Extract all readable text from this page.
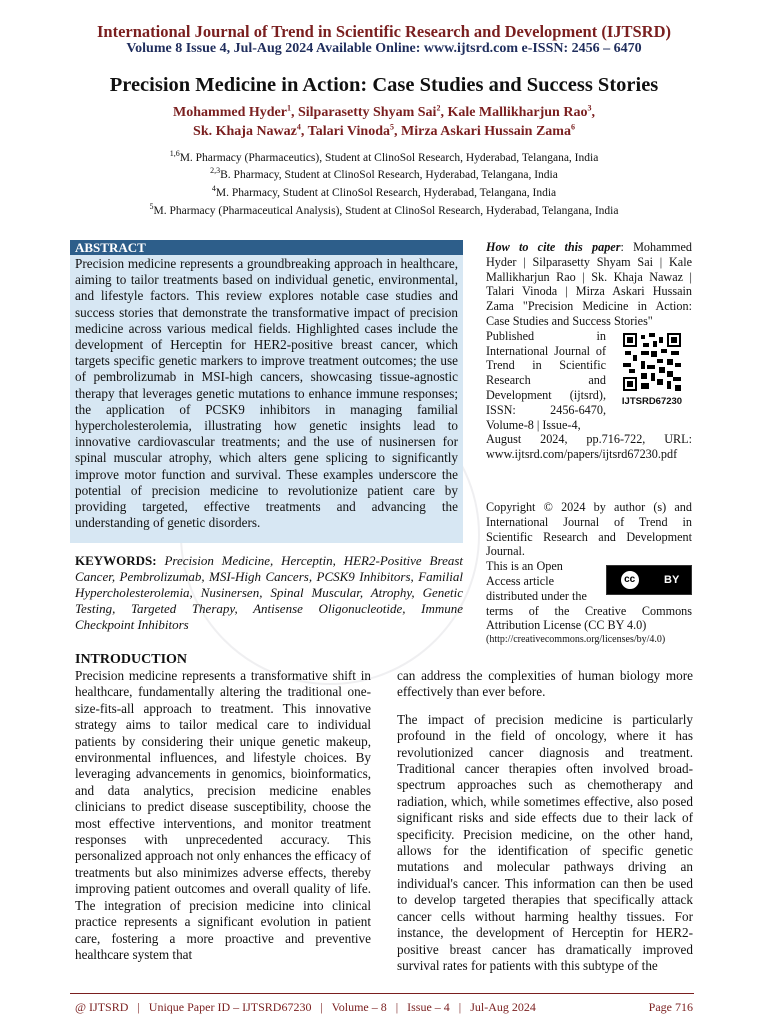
International Journal of Trend in Scientific Research and Development (IJTSRD)
Volume 8 Issue 4, Jul-Aug 2024 Available Online: www.ijtsrd.com e-ISSN: 2456 – 6470
Precision Medicine in Action: Case Studies and Success Stories
Mohammed Hyder$^1$, Silparasetty Shyam Sai$^2$, Kale Mallikharjun Rao$^3$,
Sk. Khaja Nawaz$^4$, Talari Vinoda$^5$, Mirza Askari Hussain Zama$^6$
$^{1,6}$M. Pharmacy (Pharmaceutics), Student at ClinoSol Research, Hyderabad, Telangana, India
$^{2,3}$B. Pharmacy, Student at ClinoSol Research, Hyderabad, Telangana, India
$^4$M. Pharmacy, Student at ClinoSol Research, Hyderabad, Telangana, India
$^5$M. Pharmacy (Pharmaceutical Analysis), Student at ClinoSol Research, Hyderabad, Telangana, India
ABSTRACT

Precision medicine represents a groundbreaking approach in healthcare, aiming to tailor treatments based on individual genetic, environmental, and lifestyle factors. This review explores notable case studies and success stories that demonstrate the transformative impact of precision medicine across various medical fields. Highlighted cases include the development of Herceptin for HER2-positive breast cancer, which targets specific genetic markers to improve treatment outcomes; the use of pembrolizumab in MSI-high cancers, showcasing tissue-agnostic therapy that leverages genetic mutations to enhance immune responses; the application of PCSK9 inhibitors in managing familial hypercholesterolemia, illustrating how genetic insights lead to innovative cardiovascular treatments; and the use of nusinersen for spinal muscular atrophy, which alters gene splicing to significantly improve motor function and survival. These examples underscore the potential of precision medicine to revolutionize patient care by providing targeted, effective treatments and advancing the understanding of genetic disorders.

KEYWORDS: Precision Medicine, Herceptin, HER2-Positive Breast Cancer, Pembrolizumab, MSI-High Cancers, PCSK9 Inhibitors, Familial Hypercholesterolemia, Nusinersen, Spinal Muscular, Atrophy, Genetic Testing, Targeted Therapy, Antisense Oligonucleotide, Immune Checkpoint Inhibitors
How to cite this paper: Mohammed Hyder | Silparasetty Shyam Sai | Kale Mallikharjun Rao | Sk. Khaja Nawaz | Talari Vinoda | Mirza Askari Hussain Zama "Precision Medicine in Action: Case Studies and Success Stories"
Published in International Journal of Trend in Scientific Research and Development (ijtsrd), ISSN: 2456-6470, Volume-8 | Issue-4,
IJTSRD67230
August 2024, pp.716-722, URL: www.ijtsrd.com/papers/ijtsrd67230.pdf
Copyright © 2024 by author (s) and International Journal of Trend in Scientific Research and Development Journal.
This is an Open Access article distributed under the
cc	BY
terms of the Creative Commons Attribution License (CC BY 4.0)
(http://creativecommons.org/licenses/by/4.0)
INTRODUCTION

Precision medicine represents a transformative shift in healthcare, fundamentally altering the traditional one-size-fits-all approach to treatment. This innovative strategy aims to tailor medical care to individual patients by considering their unique genetic makeup, environmental influences, and lifestyle choices. By leveraging advancements in genomics, bioinformatics, and data analytics, precision medicine enables clinicians to predict disease susceptibility, choose the most effective interventions, and monitor treatment responses with unprecedented accuracy. This personalized approach not only enhances the efficacy of treatments but also minimizes adverse effects, thereby improving patient outcomes and overall quality of life. The integration of precision medicine into clinical practice represents a significant evolution in patient care, fostering a more proactive and preventive healthcare system that

can address the complexities of human biology more effectively than ever before.

The impact of precision medicine is particularly profound in the field of oncology, where it has revolutionized cancer diagnosis and treatment. Traditional cancer therapies often involved broad-spectrum approaches such as chemotherapy and radiation, which, while sometimes effective, also posed significant risks and side effects due to their lack of specificity. Precision medicine, on the other hand, allows for the identification of specific genetic mutations and molecular pathways driving an individual's cancer. This information can then be used to develop targeted therapies that specifically attack cancer cells without harming healthy tissues. For instance, the development of Herceptin for HER2-positive breast cancer has dramatically improved survival rates for patients with this subtype of the

@ IJTSRD   |   Unique Paper ID – IJTSRD67230   |   Volume – 8   |   Issue – 4   |   Jul-Aug 2024	Page 716
